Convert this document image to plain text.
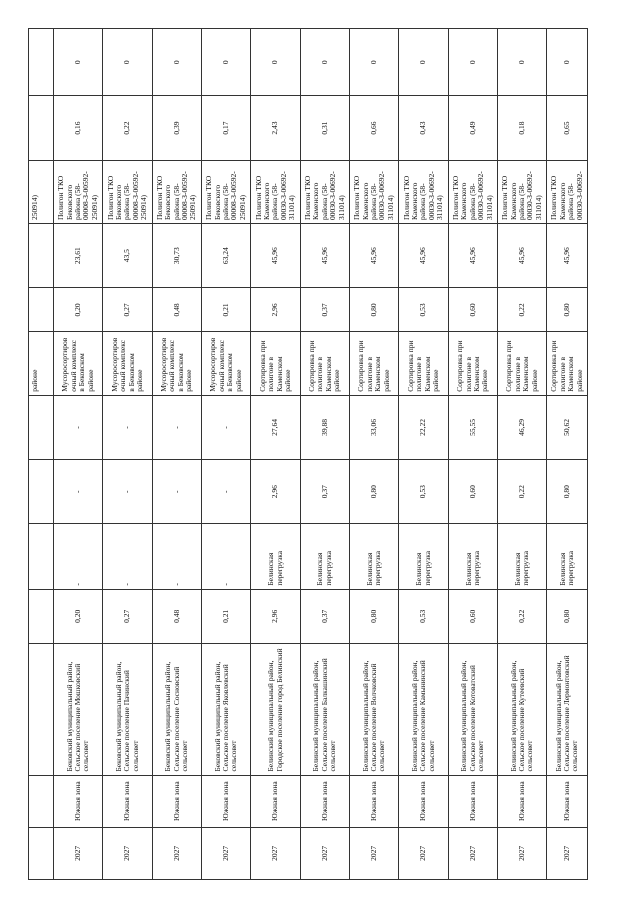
							районе			250914)		
2027	Южная зона	Бековский муниципальный район, Сельское поселение Мошковский сельсовет	0,20	-	-	-	Мусоросортировочный комплекс в Бековском районе	0,20	23,61	Полигон ТКО Бековского района (58-00008-З-00592-250914)	0,16	0
2027	Южная зона	Бековский муниципальный район, Сельское поселение Пачинский сельсовет	0,27	-	-	-	Мусоросортировочный комплекс в Бековском районе	0,27	43,5	Полигон ТКО Бековского района (58-00008-З-00592-250914)	0,22	0
2027	Южная зона	Бековский муниципальный район, Сельское поселение Сосновский сельсовет	0,48	-	-	-	Мусоросортировочный комплекс в Бековском районе	0,48	30,73	Полигон ТКО Бековского района (58-00008-З-00592-250914)	0,39	0
2027	Южная зона	Бековский муниципальный район, Сельское поселение Яковлевский сельсовет	0,21	-	-	-	Мусоросортировочный комплекс в Бековском районе	0,21	63,24	Полигон ТКО Бековского района (58-00008-З-00592-250914)	0,17	0
2027	Южная зона	Белинский муниципальный район, Городское поселение город Белинский	2,96	Белинская перегрузка	2,96	27,64	Сортировка при полигоне в Каменском районе	2,96	45,96	Полигон ТКО Каменского района (58-00030-З-00692-311014)	2,43	0
2027	Южная зона	Белинский муниципальный район, Сельское поселение Балкашинский сельсовет	0,37	Белинская перегрузка	0,37	39,88	Сортировка при полигоне в Каменском районе	0,37	45,96	Полигон ТКО Каменского района (58-00030-З-00692-311014)	0,31	0
2027	Южная зона	Белинский муниципальный район, Сельское поселение Волчковский сельсовет	0,80	Белинская перегрузка	0,80	33,06	Сортировка при полигоне в Каменском районе	0,80	45,96	Полигон ТКО Каменского района (58-00030-З-00692-311014)	0,66	0
2027	Южная зона	Белинский муниципальный район, Сельское поселение Камынинский сельсовет	0,53	Белинская перегрузка	0,53	22,22	Сортировка при полигоне в Каменском районе	0,53	45,96	Полигон ТКО Каменского района (58-00030-З-00692-311014)	0,43	0
2027	Южная зона	Белинский муниципальный район, Сельское поселение Котоватский сельсовет	0,60	Белинская перегрузка	0,60	55,55	Сортировка при полигоне в Каменском районе	0,60	45,96	Полигон ТКО Каменского района (58-00030-З-00692-311014)	0,49	0
2027	Южная зона	Белинский муниципальный район, Сельское поселение Кутеевский сельсовет	0,22	Белинская перегрузка	0,22	46,29	Сортировка при полигоне в Каменском районе	0,22	45,96	Полигон ТКО Каменского района (58-00030-З-00692-311014)	0,18	0
2027	Южная зона	Белинский муниципальный район, Сельское поселение Лермонтовский сельсовет	0,80	Белинская перегрузка	0,80	50,62	Сортировка при полигоне в Каменском районе	0,80	45,96	Полигон ТКО Каменского района (58-00030-З-00692-	0,65	0
